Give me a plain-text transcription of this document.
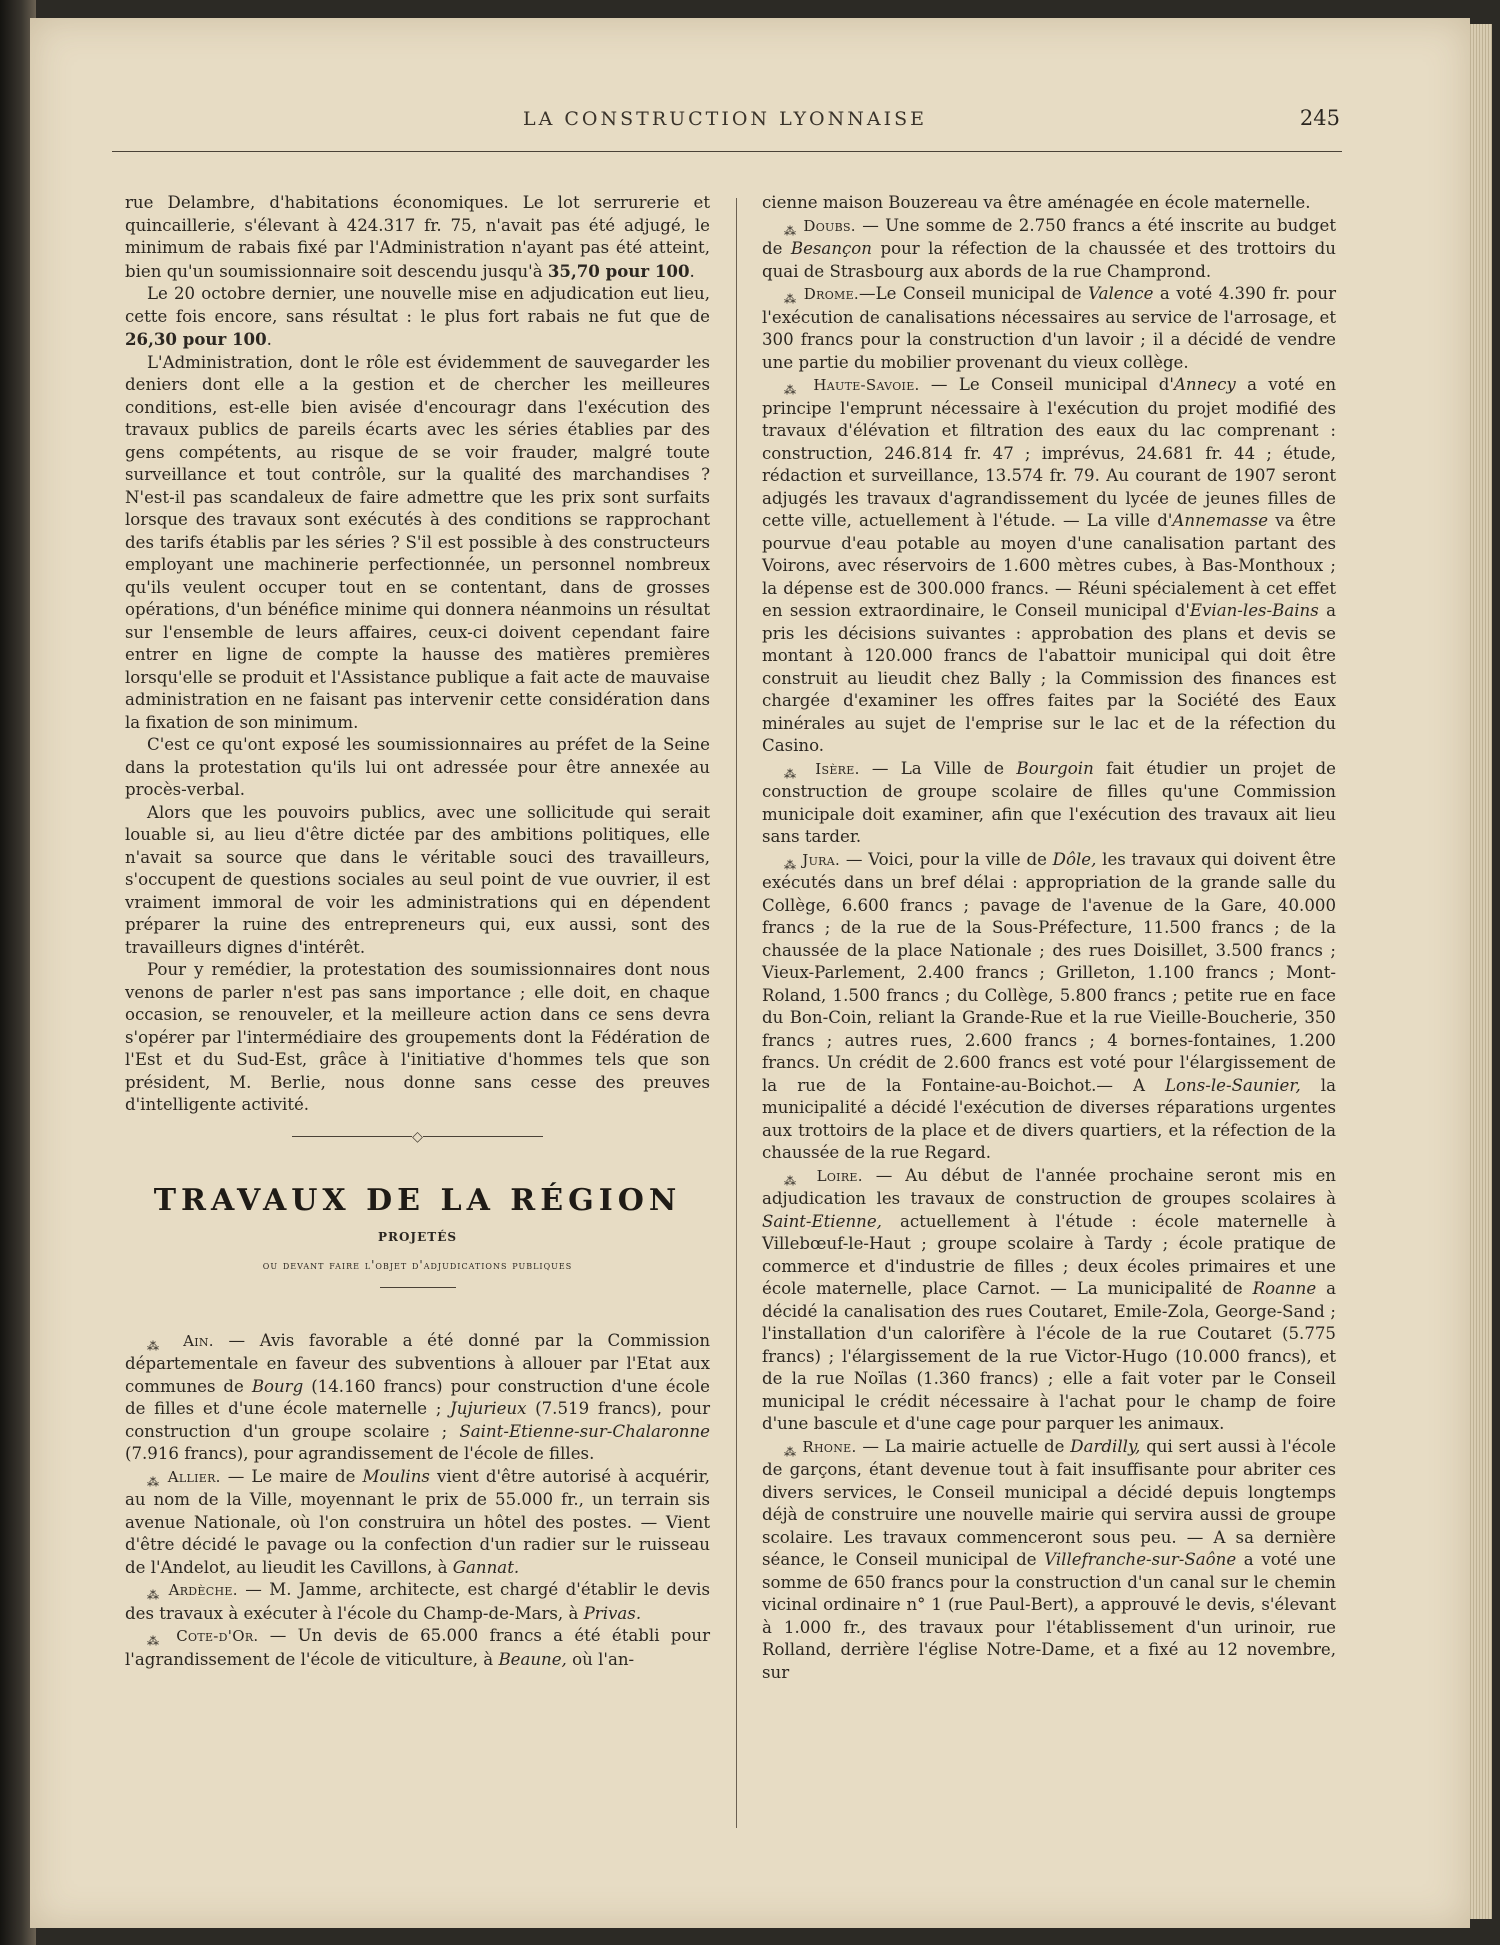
LA CONSTRUCTION LYONNAISE	245

rue Delambre, d'habitations économiques. Le lot serrurerie et quincaillerie, s'élevant à 424.317 fr. 75, n'avait pas été adjugé, le minimum de rabais fixé par l'Administration n'ayant pas été atteint, bien qu'un soumissionnaire soit descendu jusqu'à 35,70 pour 100.

Le 20 octobre dernier, une nouvelle mise en adjudication eut lieu, cette fois encore, sans résultat : le plus fort rabais ne fut que de 26,30 pour 100.

L'Administration, dont le rôle est évidemment de sauvegarder les deniers dont elle a la gestion et de chercher les meilleures conditions, est-elle bien avisée d'encouragr dans l'exécution des travaux publics de pareils écarts avec les séries établies par des gens compétents, au risque de se voir frauder, malgré toute surveillance et tout contrôle, sur la qualité des marchandises ? N'est-il pas scandaleux de faire admettre que les prix sont surfaits lorsque des travaux sont exécutés à des conditions se rapprochant des tarifs établis par les séries ? S'il est possible à des constructeurs employant une machinerie perfectionnée, un personnel nombreux qu'ils veulent occuper tout en se contentant, dans de grosses opérations, d'un bénéfice minime qui donnera néanmoins un résultat sur l'ensemble de leurs affaires, ceux-ci doivent cependant faire entrer en ligne de compte la hausse des matières premières lorsqu'elle se produit et l'Assistance publique a fait acte de mauvaise administration en ne faisant pas intervenir cette considération dans la fixation de son minimum.

C'est ce qu'ont exposé les soumissionnaires au préfet de la Seine dans la protestation qu'ils lui ont adressée pour être annexée au procès-verbal.

Alors que les pouvoirs publics, avec une sollicitude qui serait louable si, au lieu d'être dictée par des ambitions politiques, elle n'avait sa source que dans le véritable souci des travailleurs, s'occupent de questions sociales au seul point de vue ouvrier, il est vraiment immoral de voir les administrations qui en dépendent préparer la ruine des entrepreneurs qui, eux aussi, sont des travailleurs dignes d'intérêt.

Pour y remédier, la protestation des soumissionnaires dont nous venons de parler n'est pas sans importance ; elle doit, en chaque occasion, se renouveler, et la meilleure action dans ce sens devra s'opérer par l'intermédiaire des groupements dont la Fédération de l'Est et du Sud-Est, grâce à l'initiative d'hommes tels que son président, M. Berlie, nous donne sans cesse des preuves d'intelligente activité.

◇
TRAVAUX DE LA RÉGION
PROJETÉS
ou devant faire l'objet d'adjudications publiques

$_⁂$ Ain. — Avis favorable a été donné par la Commission départementale en faveur des subventions à allouer par l'Etat aux communes de Bourg (14.160 francs) pour construction d'une école de filles et d'une école maternelle ; Jujurieux (7.519 francs), pour construction d'un groupe scolaire ; Saint-Etienne-sur-Chalaronne (7.916 francs), pour agrandissement de l'école de filles.

$_⁂$ Allier. — Le maire de Moulins vient d'être autorisé à acquérir, au nom de la Ville, moyennant le prix de 55.000 fr., un terrain sis avenue Nationale, où l'on construira un hôtel des postes. — Vient d'être décidé le pavage ou la confection d'un radier sur le ruisseau de l'Andelot, au lieudit les Cavillons, à Gannat.

$_⁂$ Ardèche. — M. Jamme, architecte, est chargé d'établir le devis des travaux à exécuter à l'école du Champ-de-Mars, à Privas.

$_⁂$ Cote-d'Or. — Un devis de 65.000 francs a été établi pour l'agrandissement de l'école de viticulture, à Beaune, où l'an-

cienne maison Bouzereau va être aménagée en école maternelle.

$_⁂$ Doubs. — Une somme de 2.750 francs a été inscrite au budget de Besançon pour la réfection de la chaussée et des trottoirs du quai de Strasbourg aux abords de la rue Champrond.

$_⁂$ Drome.—Le Conseil municipal de Valence a voté 4.390 fr. pour l'exécution de canalisations nécessaires au service de l'arrosage, et 300 francs pour la construction d'un lavoir ; il a décidé de vendre une partie du mobilier provenant du vieux collège.

$_⁂$ Haute-Savoie. — Le Conseil municipal d'Annecy a voté en principe l'emprunt nécessaire à l'exécution du projet modifié des travaux d'élévation et filtration des eaux du lac comprenant : construction, 246.814 fr. 47 ; imprévus, 24.681 fr. 44 ; étude, rédaction et surveillance, 13.574 fr. 79. Au courant de 1907 seront adjugés les travaux d'agrandissement du lycée de jeunes filles de cette ville, actuellement à l'étude. — La ville d'Annemasse va être pourvue d'eau potable au moyen d'une canalisation partant des Voirons, avec réservoirs de 1.600 mètres cubes, à Bas-Monthoux ; la dépense est de 300.000 francs. — Réuni spécialement à cet effet en session extraordinaire, le Conseil municipal d'Evian-les-Bains a pris les décisions suivantes : approbation des plans et devis se montant à 120.000 francs de l'abattoir municipal qui doit être construit au lieudit chez Bally ; la Commission des finances est chargée d'examiner les offres faites par la Société des Eaux minérales au sujet de l'emprise sur le lac et de la réfection du Casino.

$_⁂$ Isère. — La Ville de Bourgoin fait étudier un projet de construction de groupe scolaire de filles qu'une Commission municipale doit examiner, afin que l'exécution des travaux ait lieu sans tarder.

$_⁂$ Jura. — Voici, pour la ville de Dôle, les travaux qui doivent être exécutés dans un bref délai : appropriation de la grande salle du Collège, 6.600 francs ; pavage de l'avenue de la Gare, 40.000 francs ; de la rue de la Sous-Préfecture, 11.500 francs ; de la chaussée de la place Nationale ; des rues Doisillet, 3.500 francs ; Vieux-Parlement, 2.400 francs ; Grilleton, 1.100 francs ; Mont-Roland, 1.500 francs ; du Collège, 5.800 francs ; petite rue en face du Bon-Coin, reliant la Grande-Rue et la rue Vieille-Boucherie, 350 francs ; autres rues, 2.600 francs ; 4 bornes-fontaines, 1.200 francs. Un crédit de 2.600 francs est voté pour l'élargissement de la rue de la Fontaine-au-Boichot.— A Lons-le-Saunier, la municipalité a décidé l'exécution de diverses réparations urgentes aux trottoirs de la place et de divers quartiers, et la réfection de la chaussée de la rue Regard.

$_⁂$ Loire. — Au début de l'année prochaine seront mis en adjudication les travaux de construction de groupes scolaires à Saint-Etienne, actuellement à l'étude : école maternelle à Villebœuf-le-Haut ; groupe scolaire à Tardy ; école pratique de commerce et d'industrie de filles ; deux écoles primaires et une école maternelle, place Carnot. — La municipalité de Roanne a décidé la canalisation des rues Coutaret, Emile-Zola, George-Sand ; l'installation d'un calorifère à l'école de la rue Coutaret (5.775 francs) ; l'élargissement de la rue Victor-Hugo (10.000 francs), et de la rue Noïlas (1.360 francs) ; elle a fait voter par le Conseil municipal le crédit nécessaire à l'achat pour le champ de foire d'une bascule et d'une cage pour parquer les animaux.

$_⁂$ Rhone. — La mairie actuelle de Dardilly, qui sert aussi à l'école de garçons, étant devenue tout à fait insuffisante pour abriter ces divers services, le Conseil municipal a décidé depuis longtemps déjà de construire une nouvelle mairie qui servira aussi de groupe scolaire. Les travaux commenceront sous peu. — A sa dernière séance, le Conseil municipal de Villefranche-sur-Saône a voté une somme de 650 francs pour la construction d'un canal sur le chemin vicinal ordinaire n° 1 (rue Paul-Bert), a approuvé le devis, s'élevant à 1.000 fr., des travaux pour l'établissement d'un urinoir, rue Rolland, derrière l'église Notre-Dame, et a fixé au 12 novembre, sur
